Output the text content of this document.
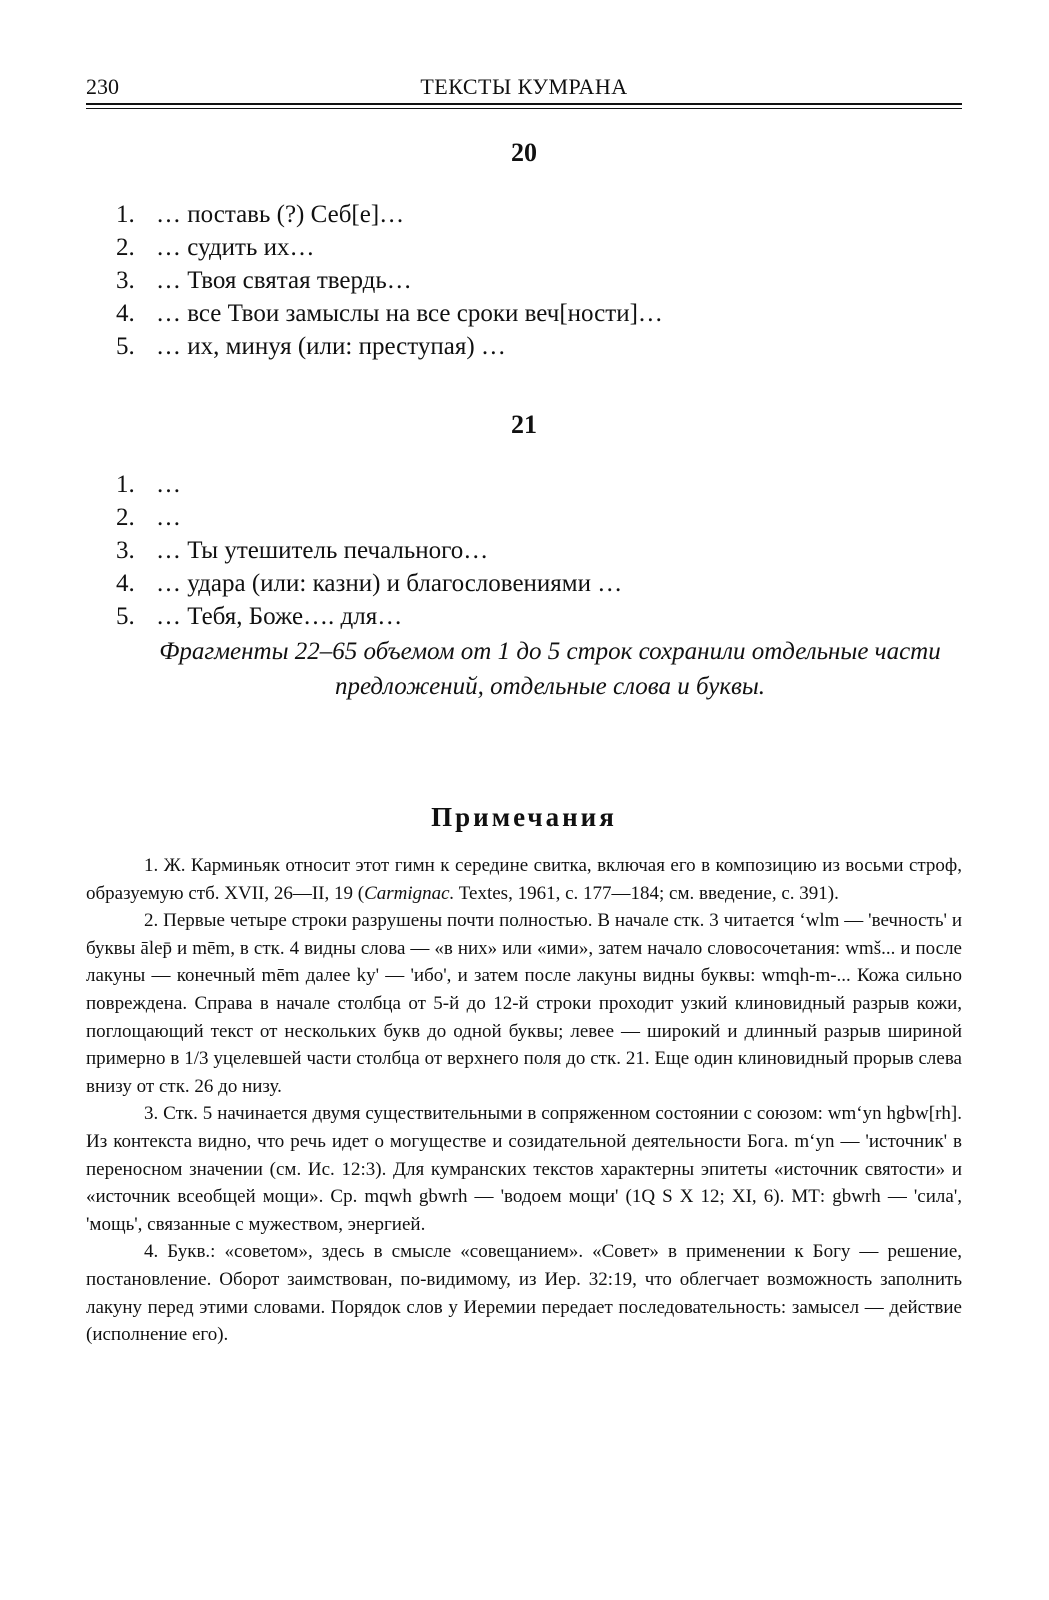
230	ТЕКСТЫ КУМРАНА
20
1. … поставь (?) Себ[е]…
2. … судить их…
3. … Твоя святая твердь…
4. … все Твои замыслы на все сроки веч[ности]…
5. … их, минуя (или: преступая) …
21
1. …
2. …
3. … Ты утешитель печального…
4. … удара (или: казни) и благословениями …
5. … Тебя, Боже…. для…

Фрагменты 22–65 объемом от 1 до 5 строк сохранили отдельные части предложений, отдельные слова и буквы.

Примечания

1. Ж. Карминьяк относит этот гимн к середине свитка, включая его в композицию из восьми строф, образуемую стб. XVII, 26—II, 19 (Carmignac. Textes, 1961, с. 177—184; см. введение, с. 391).

2. Первые четыре строки разрушены почти полностью. В начале стк. 3 читается ‘wlm — 'вечность' и буквы ālep̄ и mēm, в стк. 4 видны слова — «в них» или «ими», затем начало словосочетания: wmš... и после лакуны — конечный mēm далее ky' — 'ибо', и затем после лакуны видны буквы: wmqh-m-... Кожа сильно повреждена. Справа в начале столбца от 5-й до 12-й строки проходит узкий клиновидный разрыв кожи, поглощающий текст от нескольких букв до одной буквы; левее — широкий и длинный разрыв шириной примерно в 1/3 уцелевшей части столбца от верхнего поля до стк. 21. Еще один клиновидный прорыв слева внизу от стк. 26 до низу.

3. Стк. 5 начинается двумя существительными в сопряженном состоянии с союзом: wm‘yn hgbw[rh]. Из контекста видно, что речь идет о могуществе и созидательной деятельности Бога. m‘yn — 'источник' в переносном значении (см. Ис. 12:3). Для кумранских текстов характерны эпитеты «источник святости» и «источник всеобщей мощи». Ср. mqwh gbwrh — 'водоем мощи' (1Q S X 12; XI, 6). МТ: gbwrh — 'сила', 'мощь', связанные с мужеством, энергией.

4. Букв.: «советом», здесь в смысле «совещанием». «Совет» в применении к Богу — решение, постановление. Оборот заимствован, по-видимому, из Иер. 32:19, что облегчает возможность заполнить лакуну перед этими словами. Порядок слов у Иеремии передает последовательность: замысел — действие (исполнение его).
